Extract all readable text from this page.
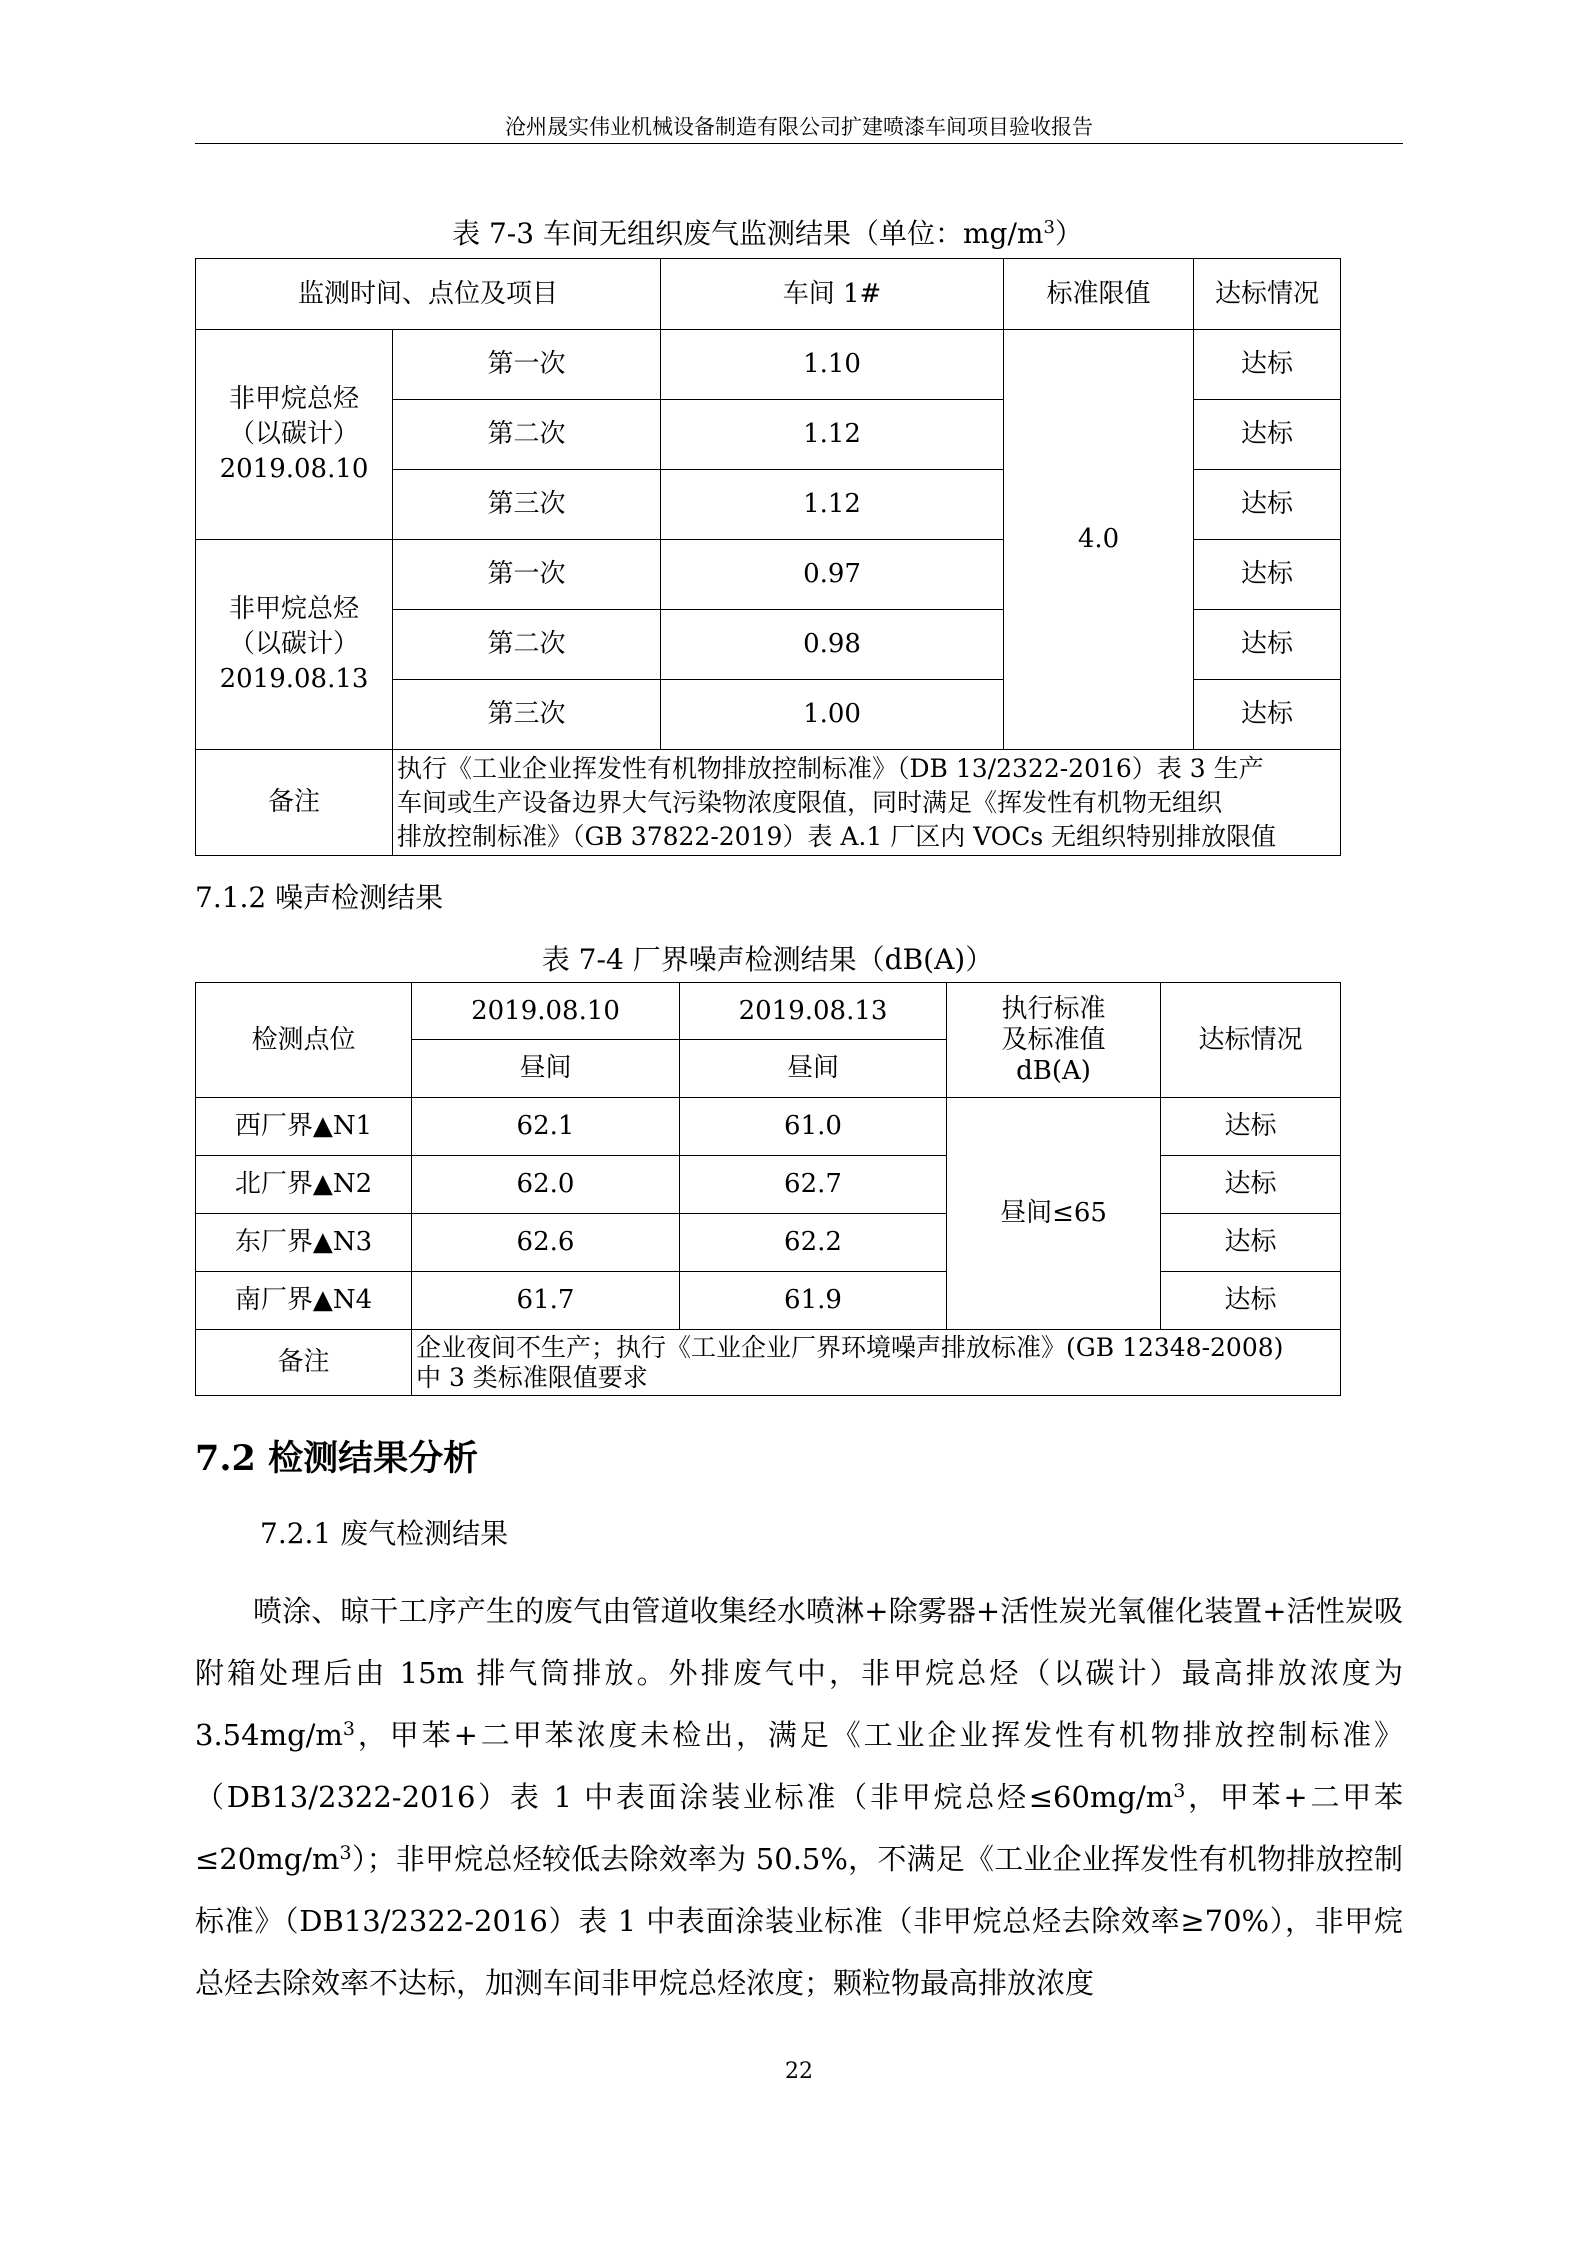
沧州晟实伟业机械设备制造有限公司扩建喷漆车间项目验收报告
表 7-3 车间无组织废气监测结果（单位：$mg/m^3$）
监测时间、点位及项目		车间 1#	标准限值	达标情况

非甲烷总烃
（以碳计）
2019.08.10	第一次	1.10	4.0	达标
	第二次	1.12		达标
	第三次	1.12		达标

非甲烷总烃
（以碳计）
2019.08.13	第一次	0.97		达标
	第二次	0.98		达标
	第三次	1.00		达标
备注	执行《工业企业挥发性有机物排放控制标准》（DB 13/2322-2016）表 3 生产
车间或生产设备边界大气污染物浓度限值，同时满足《挥发性有机物无组织
排放控制标准》（GB 37822-2019）表 A.1 厂区内 VOCs 无组织特别排放限值			
7.1.2 噪声检测结果
表 7-4 厂界噪声检测结果（dB(A)）
检测点位	2019.08.10	2019.08.13	执行标准
及标准值
dB(A)	达标情况
	昼间	昼间		
西厂界▲N1	62.1	61.0	昼间≤65	达标
北厂界▲N2	62.0	62.7		达标
东厂界▲N3	62.6	62.2		达标
南厂界▲N4	61.7	61.9		达标
备注	企业夜间不生产；执行《工业企业厂界环境噪声排放标准》(GB 12348-2008)
中 3 类标准限值要求			
7.2 检测结果分析
7.2.1 废气检测结果
喷涂、晾干工序产生的废气由管道收集经水喷淋+除雾器+活性炭光氧催化装置+活性炭吸附箱处理后由 15m 排气筒排放。外排废气中，非甲烷总烃（以碳计）最高排放浓度为 $3.54mg/m^3$，甲苯+二甲苯浓度未检出，满足《工业企业挥发性有机物排放控制标准》（DB13/2322-2016）表 1 中表面涂装业标准（非甲烷总烃$\le 60mg/m^3$，甲苯+二甲苯$\le 20mg/m^3$）；非甲烷总烃较低去除效率为 50.5%，不满足《工业企业挥发性有机物排放控制标准》（DB13/2322-2016）表 1 中表面涂装业标准（非甲烷总烃去除效率≥70%），非甲烷总烃去除效率不达标，加测车间非甲烷总烃浓度；颗粒物最高排放浓度
22
